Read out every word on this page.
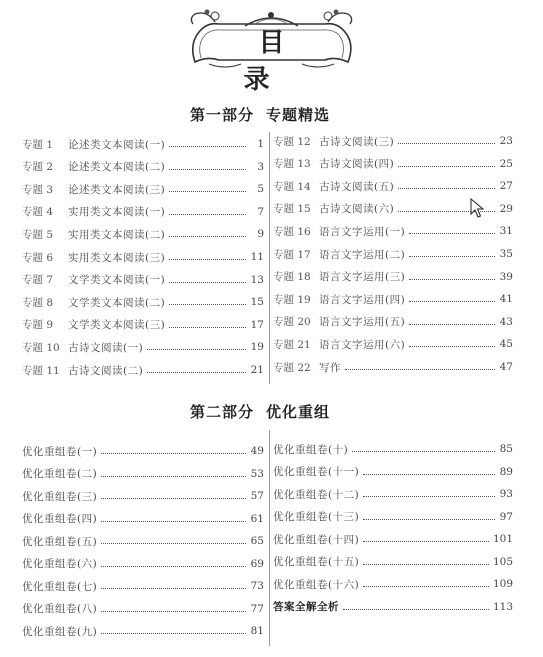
目 录
第一部分 专题精选
专题 1 论述类文本阅读(一)	1
专题 2 论述类文本阅读(二)	3
专题 3 论述类文本阅读(三)	5
专题 4 实用类文本阅读(一)	7
专题 5 实用类文本阅读(二)	9
专题 6 实用类文本阅读(三)	11
专题 7 文学类文本阅读(一)	13
专题 8 文学类文本阅读(二)	15
专题 9 文学类文本阅读(三)	17
专题 10 古诗文阅读(一)	19
专题 11 古诗文阅读(二)	21
专题 12 古诗文阅读(三)	23
专题 13 古诗文阅读(四)	25
专题 14 古诗文阅读(五)	27
专题 15 古诗文阅读(六)	29
专题 16 语言文字运用(一)	31
专题 17 语言文字运用(二)	35
专题 18 语言文字运用(三)	39
专题 19 语言文字运用(四)	41
专题 20 语言文字运用(五)	43
专题 21 语言文字运用(六)	45
专题 22 写作	47
第二部分 优化重组
优化重组卷(一)	49
优化重组卷(二)	53
优化重组卷(三)	57
优化重组卷(四)	61
优化重组卷(五)	65
优化重组卷(六)	69
优化重组卷(七)	73
优化重组卷(八)	77
优化重组卷(九)	81
优化重组卷(十)	85
优化重组卷(十一)	89
优化重组卷(十二)	93
优化重组卷(十三)	97
优化重组卷(十四)	101
优化重组卷(十五)	105
优化重组卷(十六)	109
答案全解全析	113
